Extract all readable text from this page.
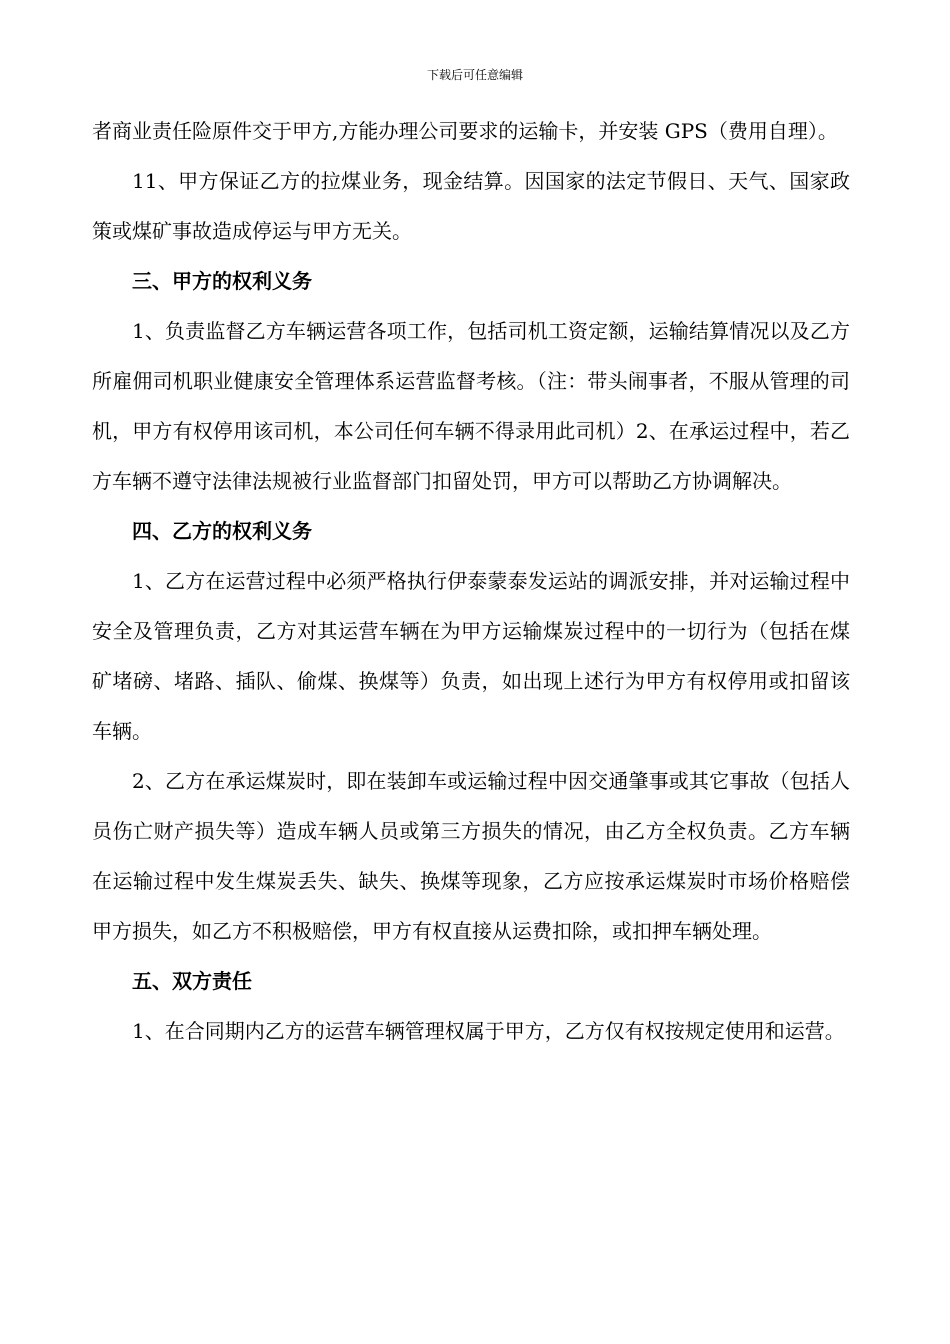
下载后可任意编辑

者商业责任险原件交于甲方,方能办理公司要求的运输卡，并安装 GPS（费用自理）。

11、甲方保证乙方的拉煤业务，现金结算。因国家的法定节假日、天气、国家政策或煤矿事故造成停运与甲方无关。

三、甲方的权利义务

1、负责监督乙方车辆运营各项工作，包括司机工资定额，运输结算情况以及乙方所雇佣司机职业健康安全管理体系运营监督考核。（注：带头闹事者，不服从管理的司机，甲方有权停用该司机，本公司任何车辆不得录用此司机）2、在承运过程中，若乙方车辆不遵守法律法规被行业监督部门扣留处罚，甲方可以帮助乙方协调解决。

四、乙方的权利义务

1、乙方在运营过程中必须严格执行伊泰蒙泰发运站的调派安排，并对运输过程中安全及管理负责，乙方对其运营车辆在为甲方运输煤炭过程中的一切行为（包括在煤矿堵磅、堵路、插队、偷煤、换煤等）负责，如出现上述行为甲方有权停用或扣留该车辆。

2、乙方在承运煤炭时，即在装卸车或运输过程中因交通肇事或其它事故（包括人员伤亡财产损失等）造成车辆人员或第三方损失的情况，由乙方全权负责。乙方车辆在运输过程中发生煤炭丢失、缺失、换煤等现象，乙方应按承运煤炭时市场价格赔偿甲方损失，如乙方不积极赔偿，甲方有权直接从运费扣除，或扣押车辆处理。

五、双方责任

1、在合同期内乙方的运营车辆管理权属于甲方，乙方仅有权按规定使用和运营。
